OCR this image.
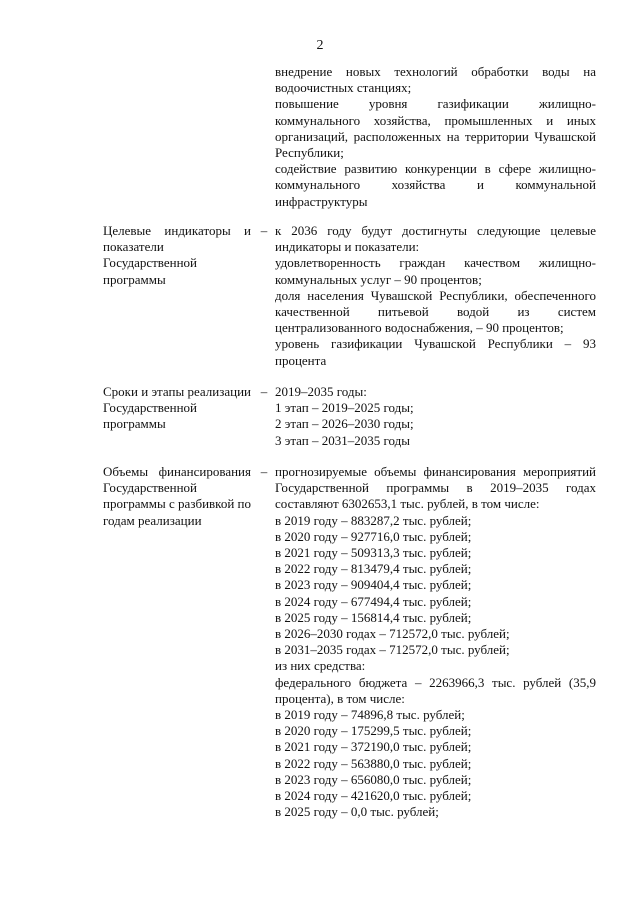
2

внедрение новых технологий обработки воды на водоочистных станциях;

повышение уровня газификации жилищно-коммунального хозяйства, промышленных и иных организаций, расположенных на территории Чувашской Республики;

содействие развитию конкуренции в сфере жилищно-коммунального хозяйства и коммунальной инфраструктуры

Целевые индикаторы и показатели Государственной программы
– к 2036 году будут достигнуты следующие целевые индикаторы и показатели:

удовлетворенность граждан качеством жилищно-коммунальных услуг – 90 процентов;

доля населения Чувашской Республики, обеспеченного качественной питьевой водой из систем централизованного водоснабжения, – 90 процентов;

уровень газификации Чувашской Республики – 93 процента

Сроки и этапы реализации Государственной программы
– 2019–2035 годы:

1 этап – 2019–2025 годы;

2 этап – 2026–2030 годы;

3 этап – 2031–2035 годы

Объемы финансирования Государственной программы с разбивкой по годам реализации
– прогнозируемые объемы финансирования мероприятий Государственной программы в 2019–2035 годах составляют 6302653,1 тыс. рублей, в том числе:

в 2019 году – 883287,2 тыс. рублей;

в 2020 году – 927716,0 тыс. рублей;

в 2021 году – 509313,3 тыс. рублей;

в 2022 году – 813479,4 тыс. рублей;

в 2023 году – 909404,4 тыс. рублей;

в 2024 году – 677494,4 тыс. рублей;

в 2025 году – 156814,4 тыс. рублей;

в 2026–2030 годах – 712572,0 тыс. рублей;

в 2031–2035 годах – 712572,0 тыс. рублей;

из них средства:

федерального бюджета – 2263966,3 тыс. рублей (35,9 процента), в том числе:

в 2019 году – 74896,8 тыс. рублей;

в 2020 году – 175299,5 тыс. рублей;

в 2021 году – 372190,0 тыс. рублей;

в 2022 году – 563880,0 тыс. рублей;

в 2023 году – 656080,0 тыс. рублей;

в 2024 году – 421620,0 тыс. рублей;

в 2025 году – 0,0 тыс. рублей;
